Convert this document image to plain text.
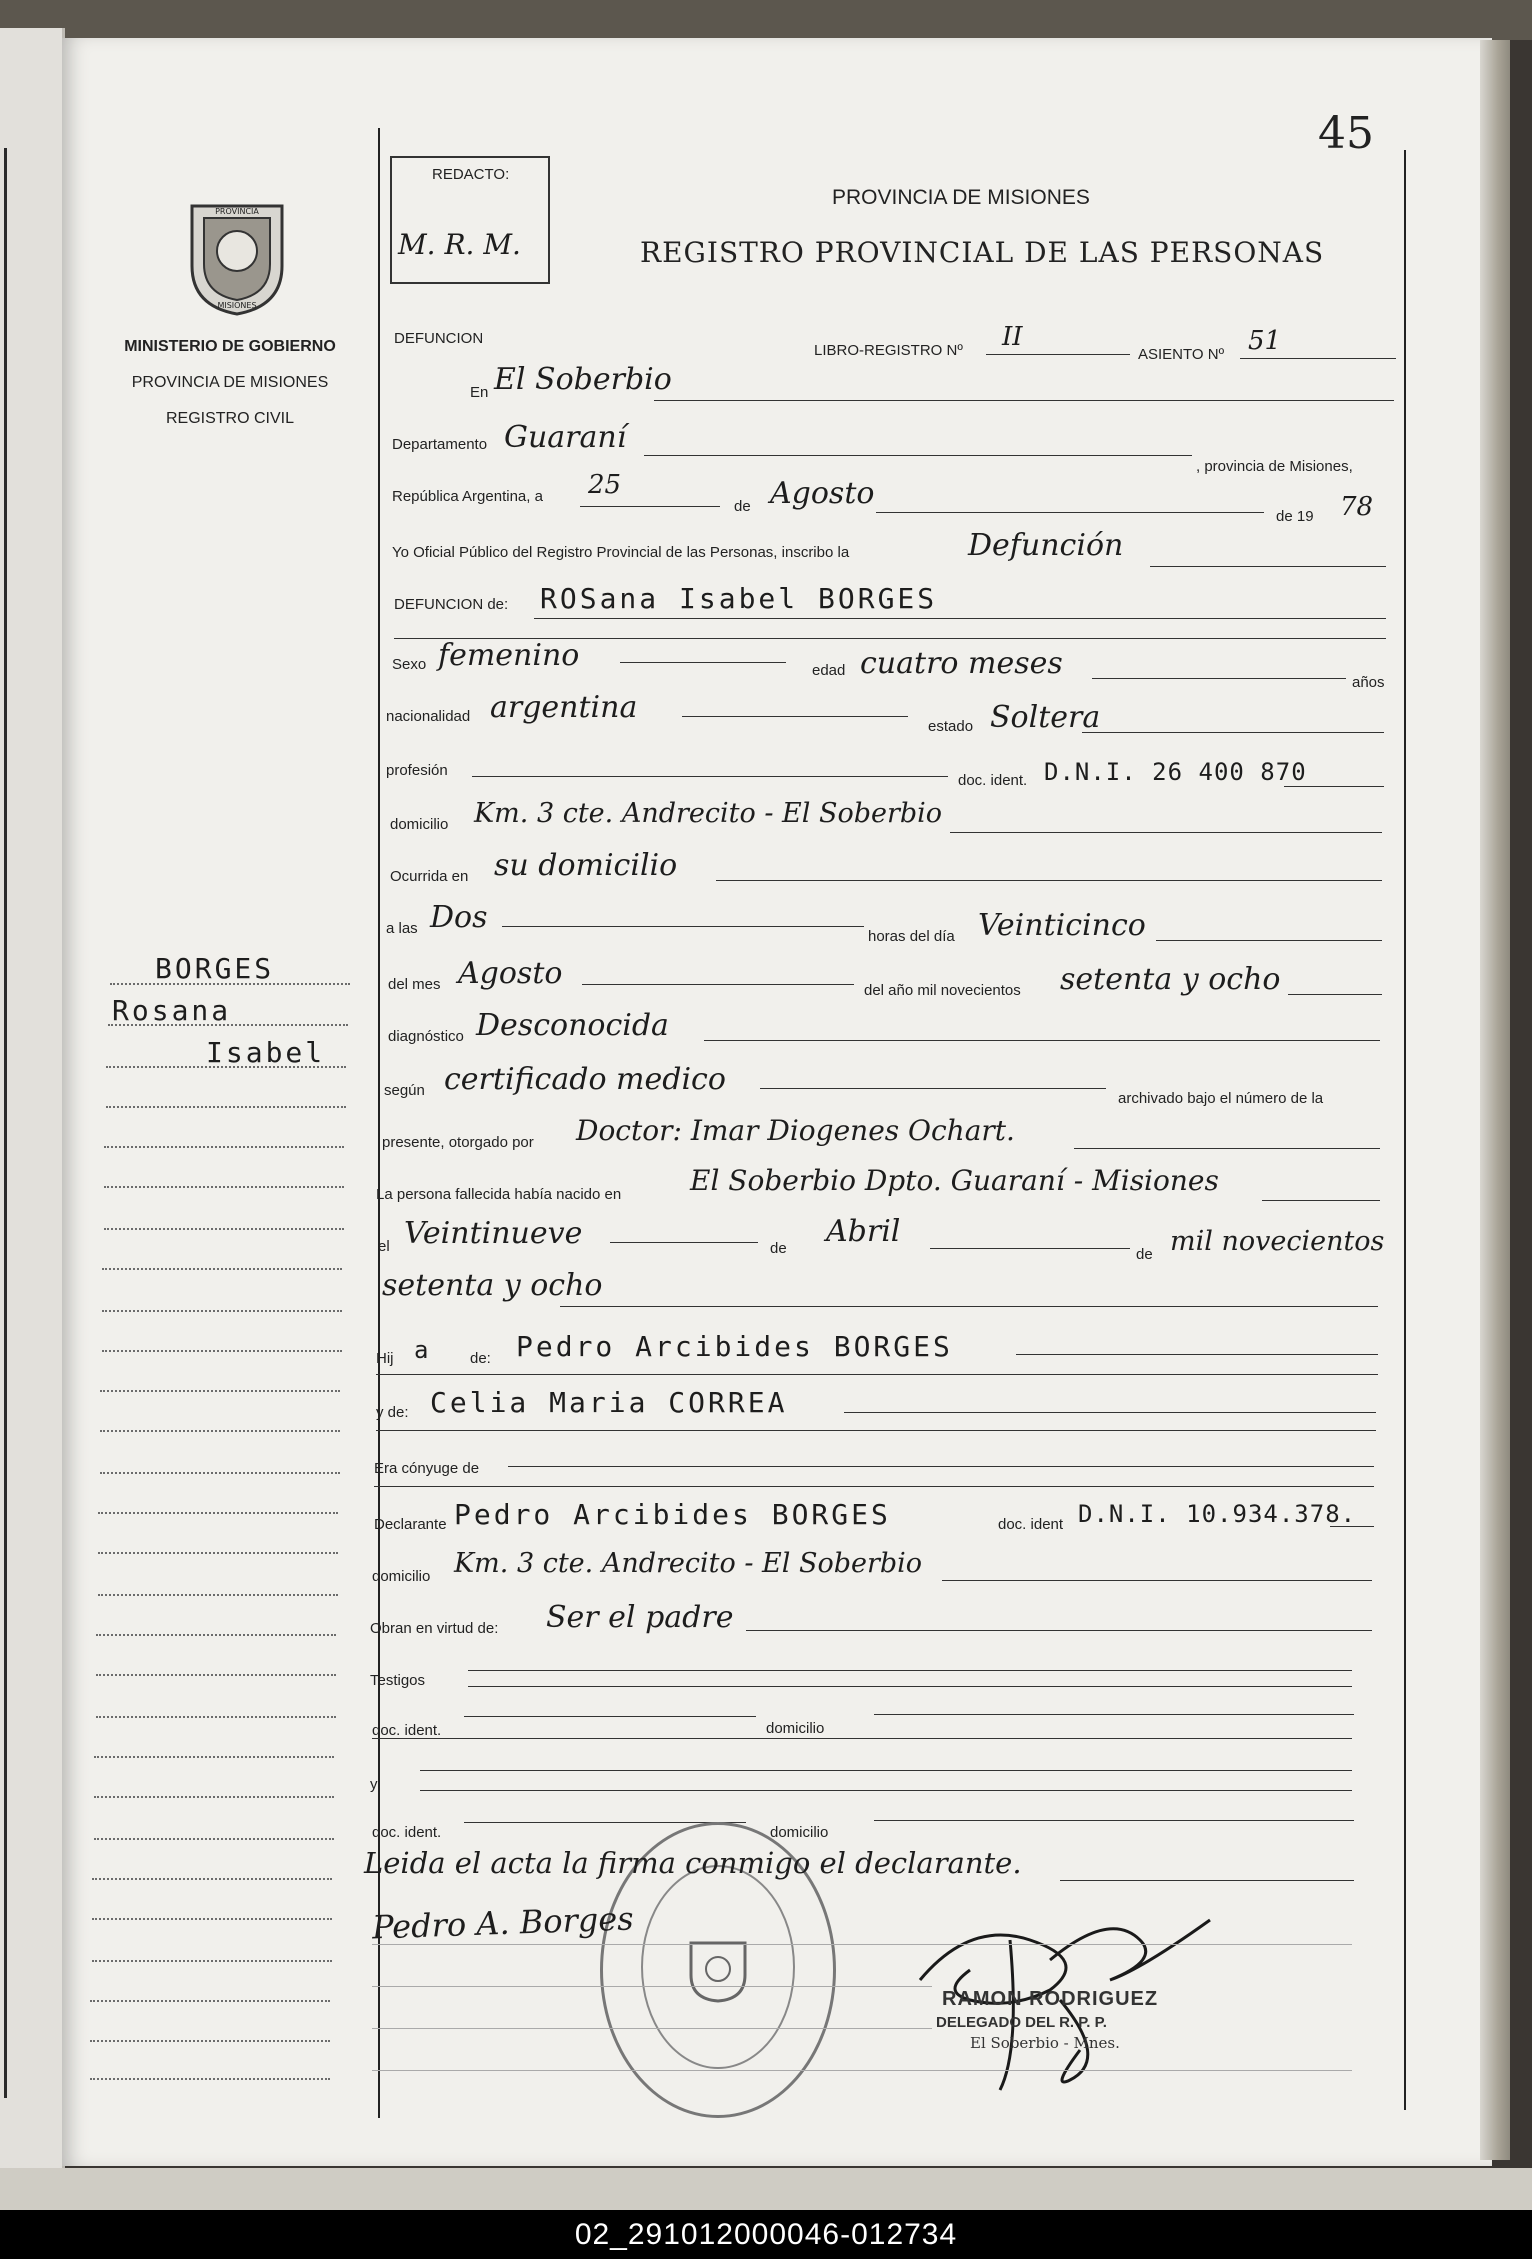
02_291012000046-012734
45
PROVINCIA
MISIONES
MINISTERIO DE GOBIERNO
PROVINCIA DE MISIONES
REGISTRO CIVIL
REDACTO:
M. R. M.
PROVINCIA DE MISIONES
REGISTRO PROVINCIAL DE LAS PERSONAS
BORGES
Rosana
Isabel
DEFUNCION
LIBRO-REGISTRO Nº II
ASIENTO Nº 51
En El Soberbio
Departamento Guaraní
, provincia de Misiones,
República Argentina, a 25
de Agosto
de 19 78
Yo Oficial Público del Registro Provincial de las Personas, inscribo la	Defunción
DEFUNCION de: ROSana Isabel BORGES
Sexo femenino	edad cuatro meses
años
nacionalidad argentina
estado Soltera
profesión
doc. ident. D.N.I. 26 400 870
domicilio Km. 3 cte. Andrecito - El Soberbio
Ocurrida en su domicilio
a las Dos
horas del día Veinticinco
del mes Agosto	del año mil novecientos setenta y ocho
diagnóstico Desconocida
según certificado medico
archivado bajo el número de la
presente, otorgado por Doctor: Imar Diogenes Ochart.
La persona fallecida había nacido en El Soberbio Dpto. Guaraní - Misiones
el Veintinueve	de Abril
de mil novecientos
setenta y ocho
Hij a	de: Pedro Arcibides BORGES
y de: Celia Maria CORREA
Era cónyuge de
Declarante Pedro Arcibides BORGES	doc. ident D.N.I. 10.934.378.
domicilio Km. 3 cte. Andrecito - El Soberbio
Obran en virtud de: Ser el padre
Testigos
doc. ident.	domicilio
y
doc. ident.	domicilio
Leida el acta la firma conmigo el declarante.
Pedro A. Borges
RAMON RODRIGUEZ
DELEGADO DEL R. P. P.
El Soberbio - Mnes.
